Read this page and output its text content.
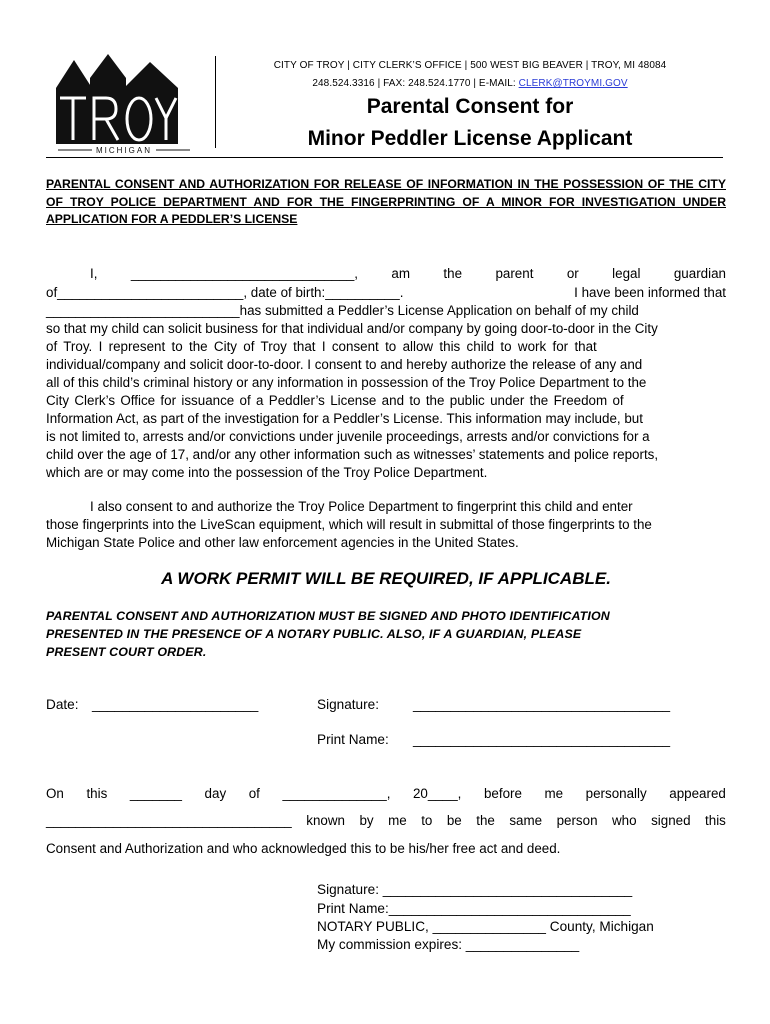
MICHIGAN
CITY OF TROY | CITY CLERK’S OFFICE | 500 WEST BIG BEAVER | TROY, MI 48084
248.524.3316 | FAX: 248.524.1770 | E-MAIL: CLERK@TROYMI.GOV
Parental Consent for
Minor Peddler License Applicant
PARENTAL CONSENT AND AUTHORIZATION FOR RELEASE OF INFORMATION IN THE POSSESSION OF THE CITY OF TROY POLICE DEPARTMENT AND FOR THE FINGERPRINTING OF A MINOR FOR INVESTIGATION UNDER APPLICATION FOR A PEDDLER’S LICENSE
I, ______________________________, am the parent or legal guardian
of_________________________, date of birth:__________.	I have been informed that
__________________________has submitted a Peddler’s License Application on behalf of my child
so that my child can solicit business for that individual and/or company by going door-to-door in the City
of Troy. I represent to the City of Troy that I consent to allow this child to work for that
individual/company and solicit door-to-door. I consent to and hereby authorize the release of any and
all of this child’s criminal history or any information in possession of the Troy Police Department to the
City Clerk’s Office for issuance of a Peddler’s License and to the public under the Freedom of
Information Act, as part of the investigation for a Peddler’s License. This information may include, but
is not limited to, arrests and/or convictions under juvenile proceedings, arrests and/or convictions for a
child over the age of 17, and/or any other information such as witnesses’ statements and police reports,
which are or may come into the possession of the Troy Police Department.
I also consent to and authorize the Troy Police Department to fingerprint this child and enter
those fingerprints into the LiveScan equipment, which will result in submittal of those fingerprints to the
Michigan State Police and other law enforcement agencies in the United States.
A WORK PERMIT WILL BE REQUIRED, IF APPLICABLE.
PARENTAL CONSENT AND AUTHORIZATION MUST BE SIGNED AND PHOTO IDENTIFICATION
PRESENTED IN THE PRESENCE OF A NOTARY PUBLIC. ALSO, IF A GUARDIAN, PLEASE
PRESENT COURT ORDER.
Date: ______________________	Signature:	__________________________________
Print Name: __________________________________
On this _______ day of ______________, 20____, before me personally appeared
_________________________________ known by me to be the same person who signed this
Consent and Authorization and who acknowledged this to be his/her free act and deed.
Signature: _________________________________
Print Name:________________________________
NOTARY PUBLIC, _______________ County, Michigan
My commission expires: _______________
